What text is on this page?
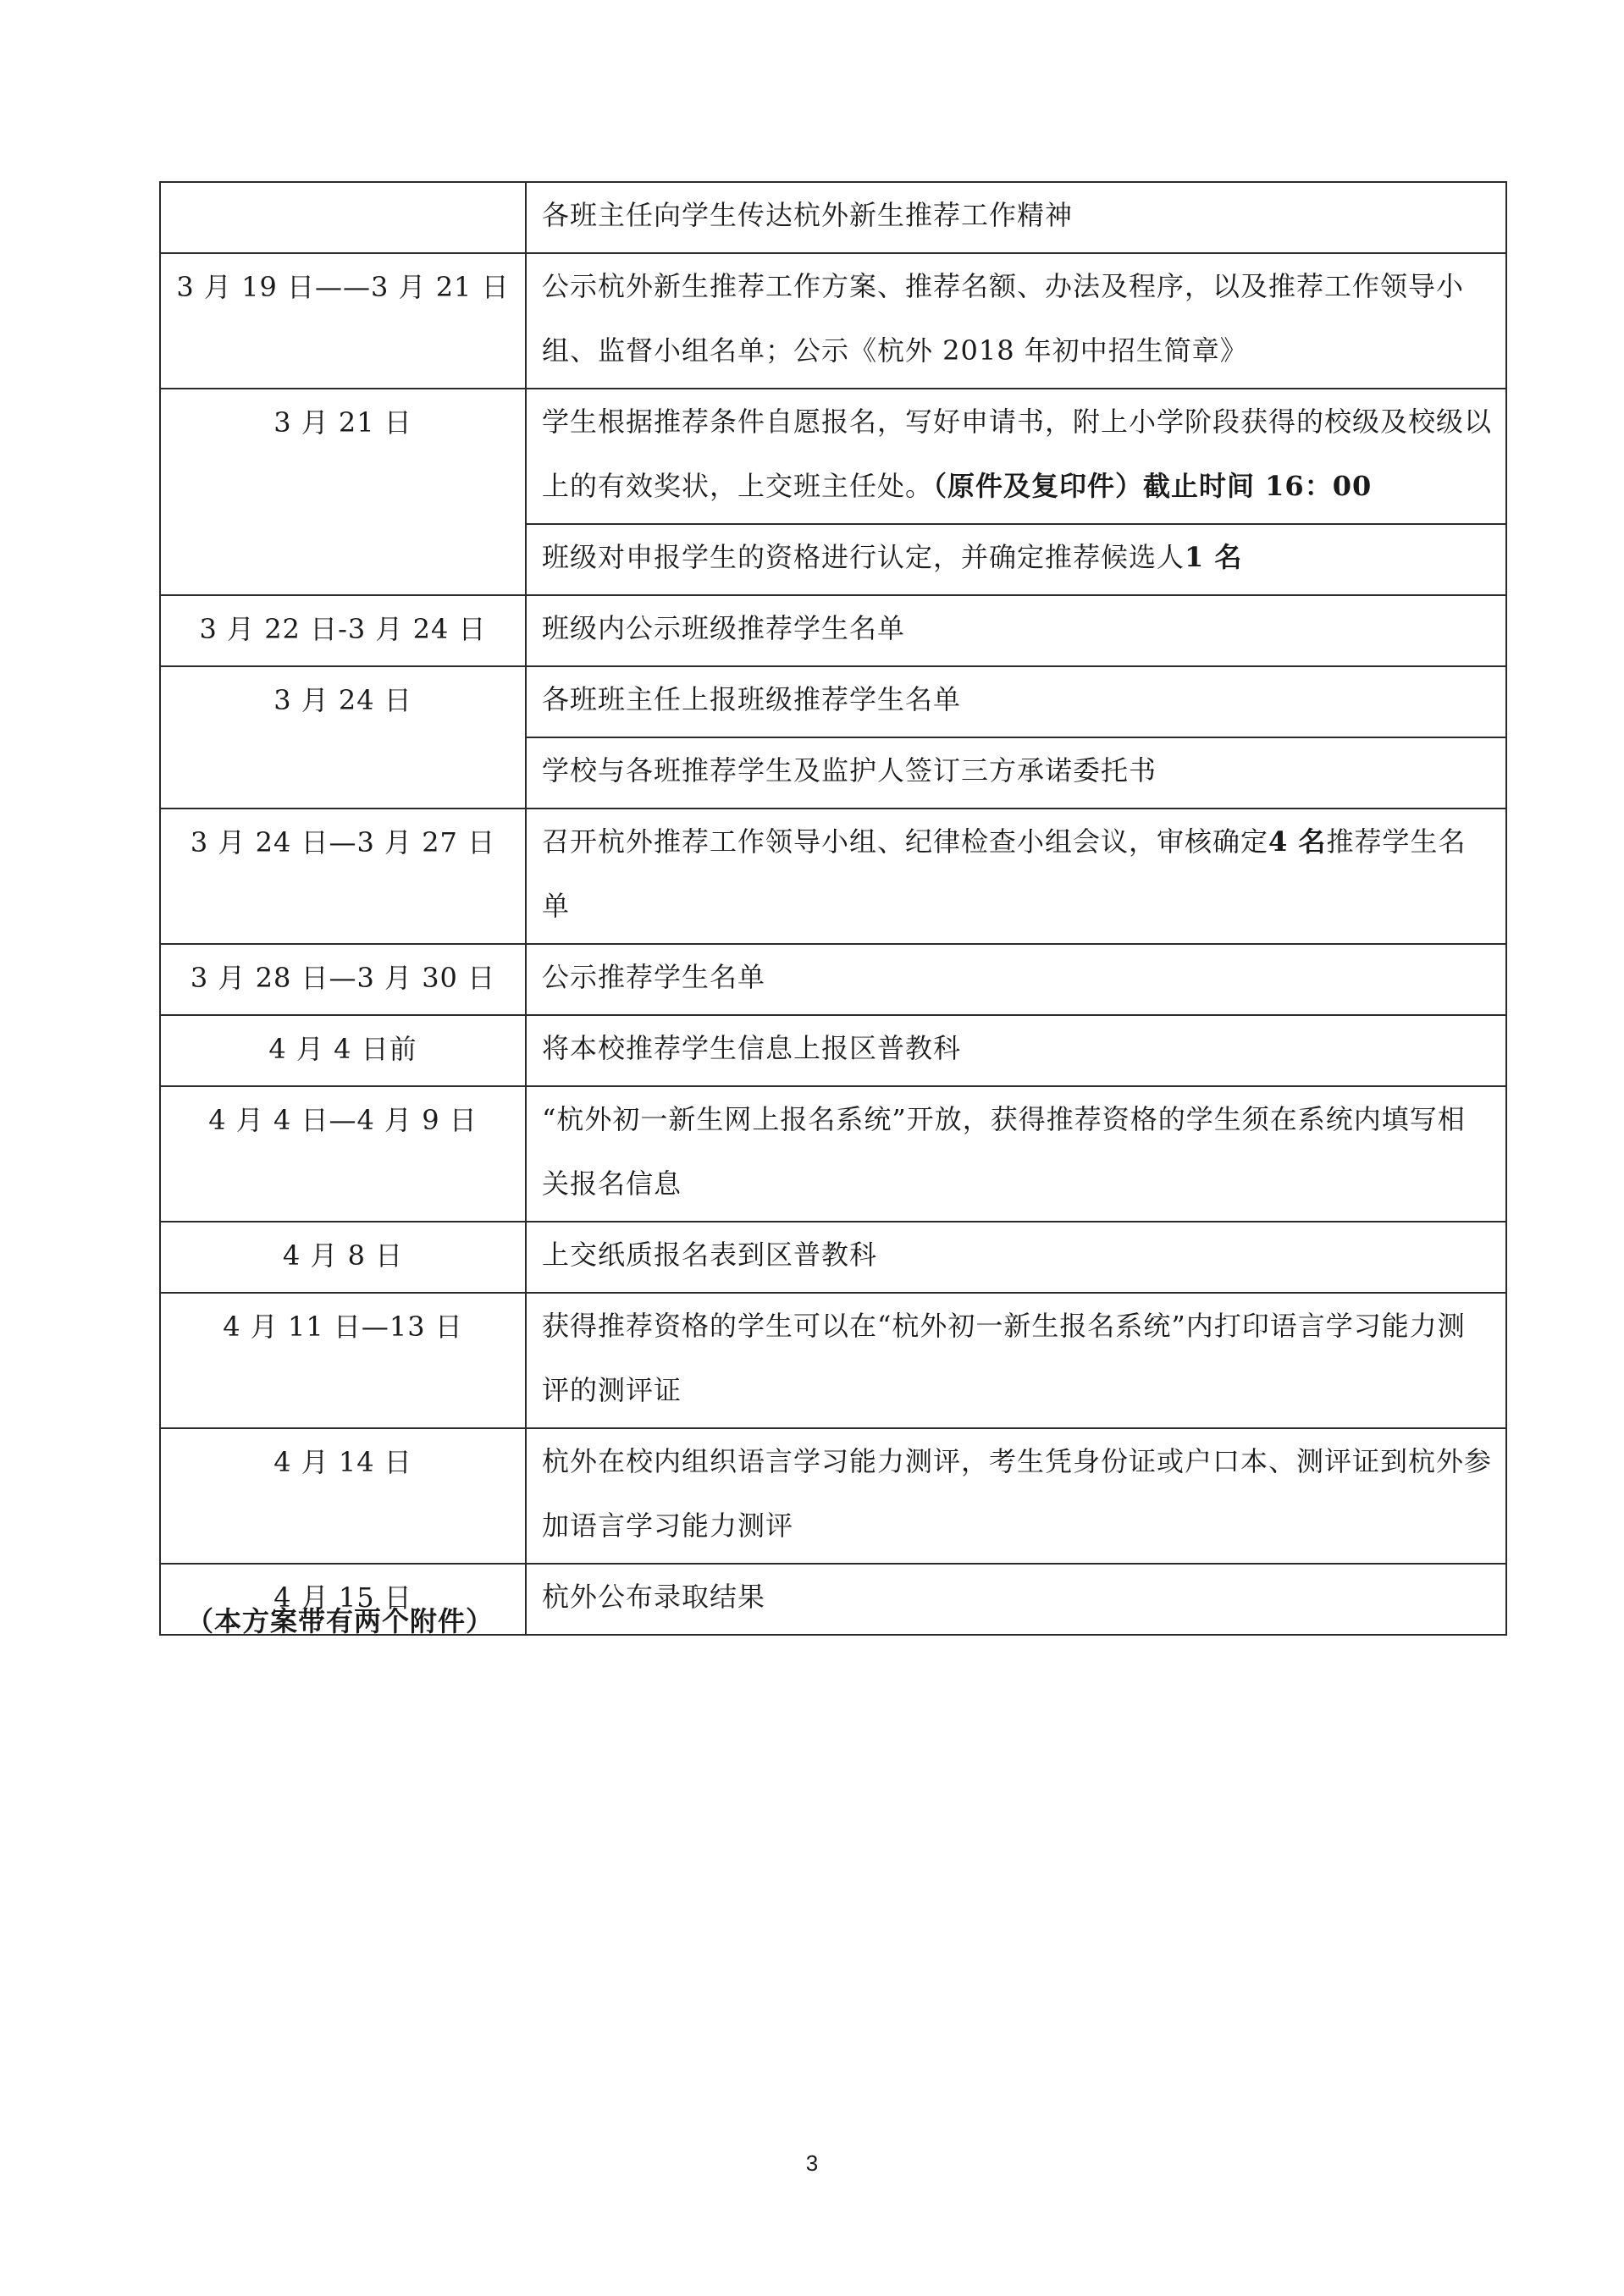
	各班主任向学生传达杭外新生推荐工作精神

3 月 19 日——3 月 21 日	公示杭外新生推荐工作方案、推荐名额、办法及程序，以及推荐工作领导小组、监督小组名单；公示《杭外 2018 年初中招生简章》

3 月 21 日	学生根据推荐条件自愿报名，写好申请书，附上小学阶段获得的校级及校级以上的有效奖状，上交班主任处。（原件及复印件）截止时间 16：00

	班级对申报学生的资格进行认定，并确定推荐候选人1 名

3 月 22 日-3 月 24 日	班级内公示班级推荐学生名单

3 月 24 日	各班班主任上报班级推荐学生名单

	学校与各班推荐学生及监护人签订三方承诺委托书

3 月 24 日—3 月 27 日	召开杭外推荐工作领导小组、纪律检查小组会议，审核确定4 名推荐学生名单

3 月 28 日—3 月 30 日	公示推荐学生名单

4 月 4 日前	将本校推荐学生信息上报区普教科

4 月 4 日—4 月 9 日	“杭外初一新生网上报名系统”开放，获得推荐资格的学生须在系统内填写相关报名信息

4 月 8 日	上交纸质报名表到区普教科

4 月 11 日—13 日	获得推荐资格的学生可以在“杭外初一新生报名系统”内打印语言学习能力测评的测评证

4 月 14 日	杭外在校内组织语言学习能力测评，考生凭身份证或户口本、测评证到杭外参加语言学习能力测评

4 月 15 日	杭外公布录取结果
（本方案带有两个附件）
3
